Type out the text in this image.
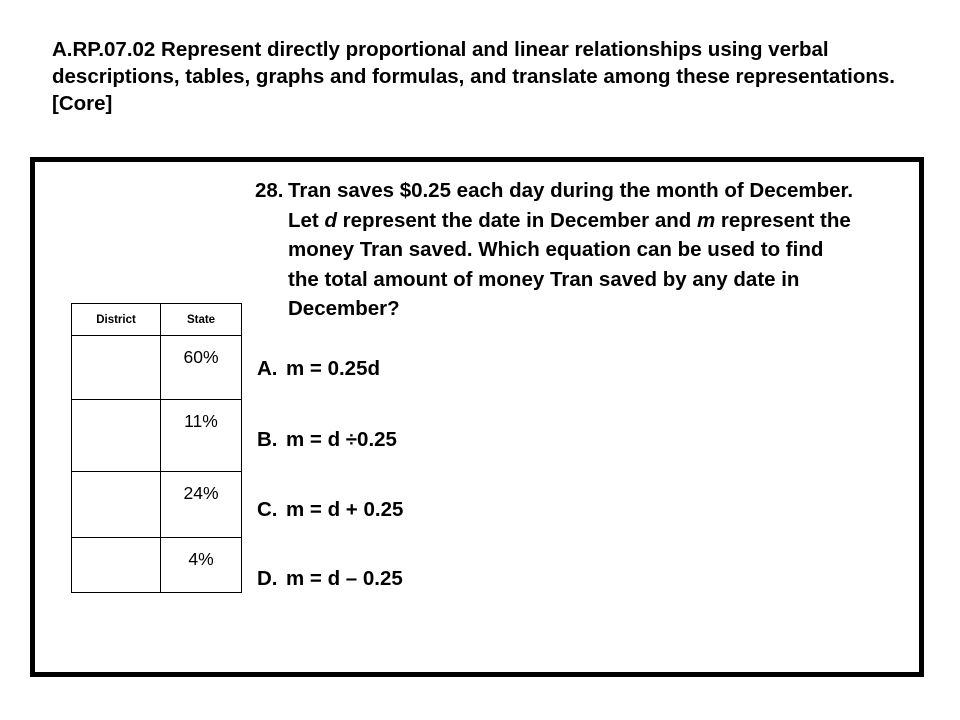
A.RP.07.02 Represent directly proportional and linear relationships using verbal descriptions, tables, graphs and formulas, and translate among these representations. [Core]
District	State
	60%
	11%
	24%
	4%
28. Tran saves $0.25 each day during the month of December. Let d represent the date in December and m represent the money Tran saved. Which equation can be used to find the total amount of money Tran saved by any date in December?
A. m = 0.25d
B. m = d ÷0.25
C. m = d + 0.25
D. m = d – 0.25
